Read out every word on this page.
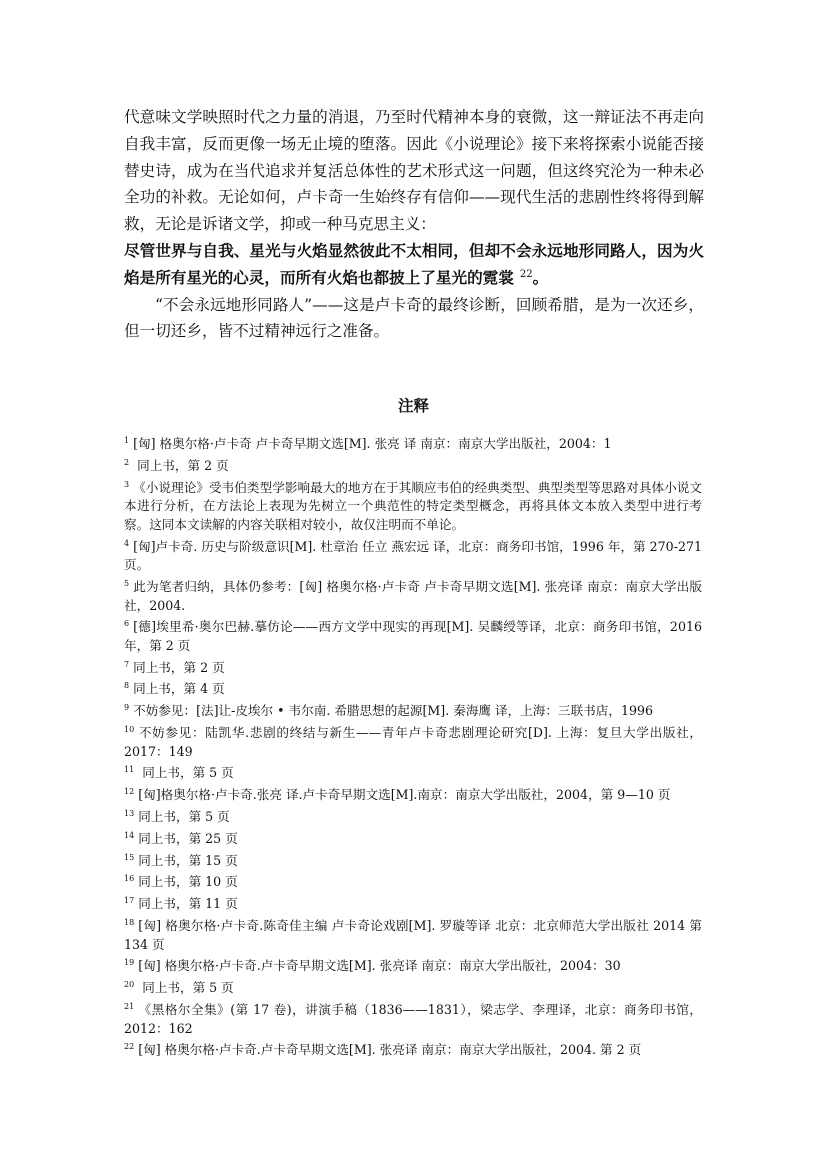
代意味文学映照时代之力量的消退，乃至时代精神本身的衰微，这一辩证法不再走向自我丰富，反而更像一场无止境的堕落。因此《小说理论》接下来将探索小说能否接替史诗，成为在当代追求并复活总体性的艺术形式这一问题，但这终究沦为一种未必全功的补救。无论如何，卢卡奇一生始终存有信仰——现代生活的悲剧性终将得到解救，无论是诉诸文学，抑或一种马克思主义：

尽管世界与自我、星光与火焰显然彼此不太相同，但却不会永远地形同路人，因为火焰是所有星光的心灵，而所有火焰也都披上了星光的霓裳 $^{22}$。

“不会永远地形同路人”——这是卢卡奇的最终诊断，回顾希腊，是为一次还乡，但一切还乡，皆不过精神远行之准备。

注释
$^1$ [匈] 格奥尔格·卢卡奇 卢卡奇早期文选[M]. 张亮 译 南京：南京大学出版社，2004：1
$^2$ 同上书，第 2 页
$^3$ 《小说理论》受韦伯类型学影响最大的地方在于其顺应韦伯的经典类型、典型类型等思路对具体小说文本进行分析，在方法论上表现为先树立一个典范性的特定类型概念，再将具体文本放入类型中进行考察。这同本文读解的内容关联相对较小，故仅注明而不单论。
$^4$ [匈]卢卡奇. 历史与阶级意识[M]. 杜章治 任立 燕宏远 译，北京：商务印书馆，1996 年，第 270-271 页。
$^5$ 此为笔者归纳，具体仍参考：[匈] 格奥尔格·卢卡奇 卢卡奇早期文选[M]. 张亮译 南京：南京大学出版社，2004.
$^6$ [德]埃里希·奥尔巴赫.摹仿论——西方文学中现实的再现[M]. 吴麟绶等译，北京：商务印书馆，2016 年，第 2 页
$^7$ 同上书，第 2 页
$^8$ 同上书，第 4 页
$^9$ 不妨参见：[法]让-皮埃尔 • 韦尔南. 希腊思想的起源[M]. 秦海鹰 译，上海：三联书店，1996
$^{10}$ 不妨参见：陆凯华.悲剧的终结与新生——青年卢卡奇悲剧理论研究[D]. 上海：复旦大学出版社，2017：149
$^{11}$ 同上书，第 5 页
$^{12}$ [匈]格奥尔格·卢卡奇.张亮 译.卢卡奇早期文选[M].南京：南京大学出版社，2004，第 9—10 页
$^{13}$ 同上书，第 5 页
$^{14}$ 同上书，第 25 页
$^{15}$ 同上书，第 15 页
$^{16}$ 同上书，第 10 页
$^{17}$ 同上书，第 11 页
$^{18}$ [匈] 格奥尔格·卢卡奇.陈奇佳主编 卢卡奇论戏剧[M]. 罗璇等译 北京：北京师范大学出版社 2014 第 134 页
$^{19}$ [匈] 格奥尔格·卢卡奇.卢卡奇早期文选[M]. 张亮译 南京：南京大学出版社，2004：30
$^{20}$ 同上书，第 5 页
$^{21}$ 《黑格尔全集》(第 17 卷)，讲演手稿（1836——1831），梁志学、李理译，北京：商务印书馆，2012：162
$^{22}$ [匈] 格奥尔格·卢卡奇.卢卡奇早期文选[M]. 张亮译 南京：南京大学出版社，2004. 第 2 页
